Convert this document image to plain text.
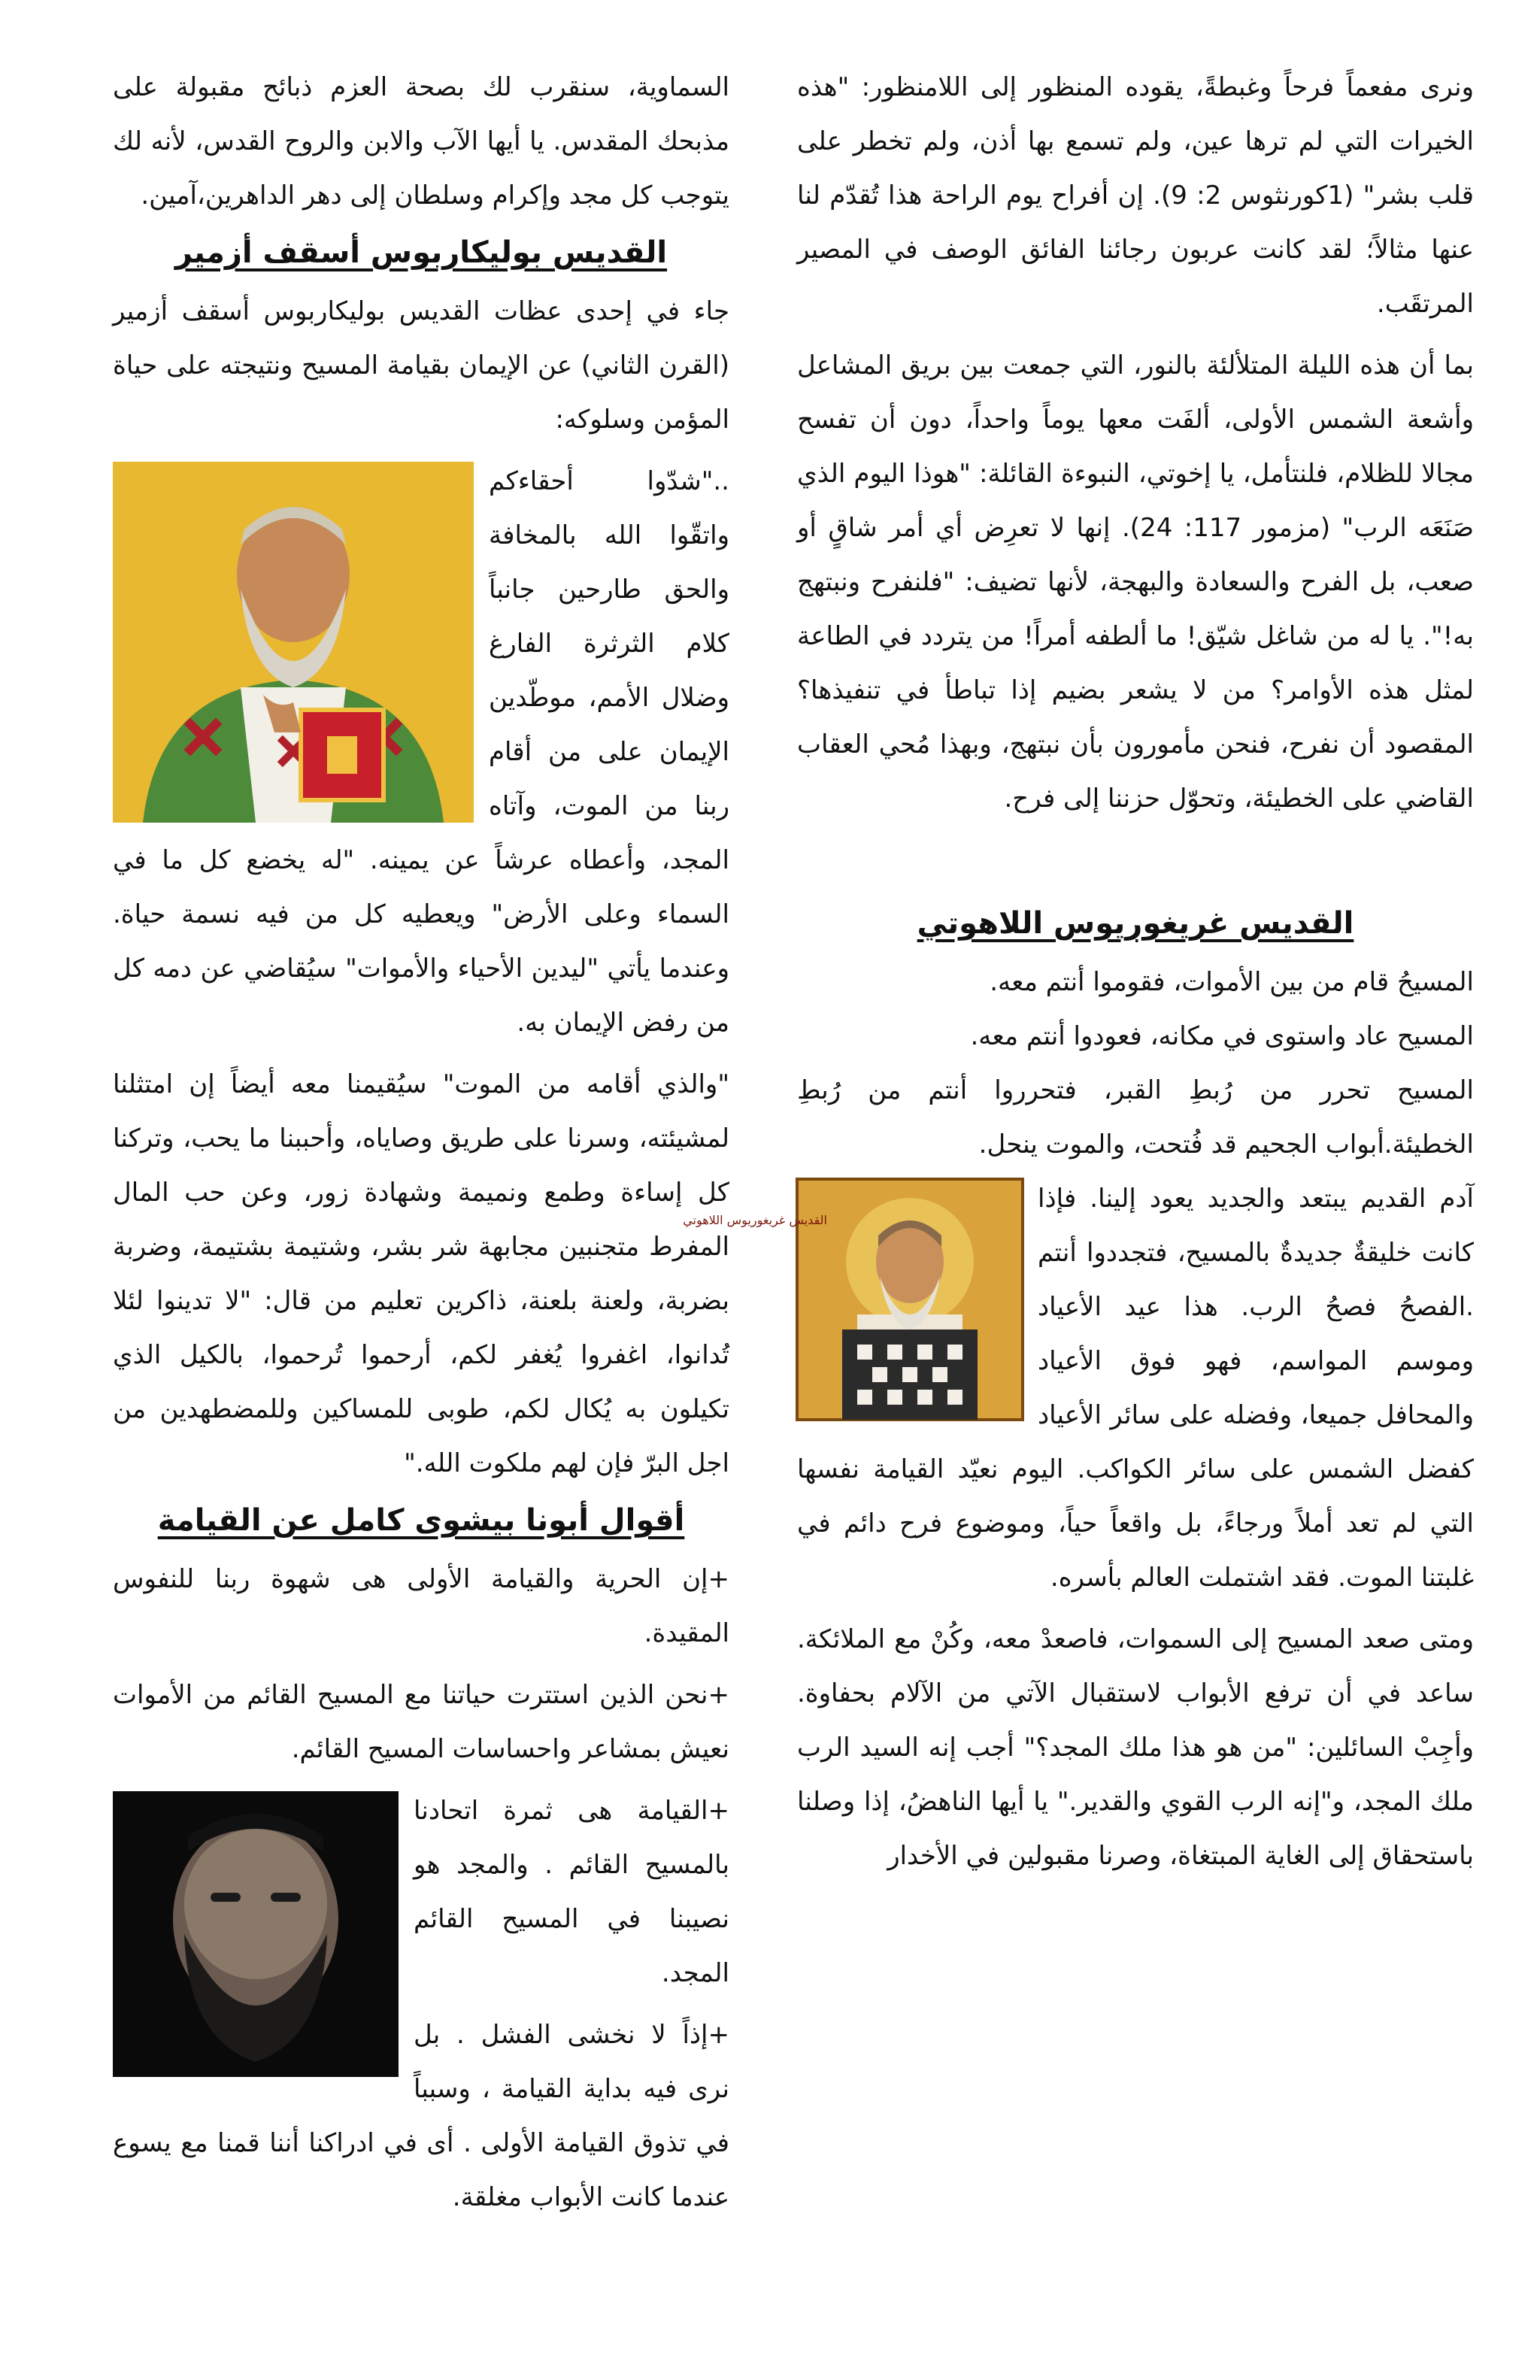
ونرى مفعماً فرحاً وغبطةً، يقوده المنظور إلى اللامنظور: "هذه الخيرات التي لم ترها عين، ولم تسمع بها أذن، ولم تخطر على قلب بشر" (1كورنثوس 2: 9). إن أفراح يوم الراحة هذا تُقدّم لنا عنها مثالاً؛ لقد كانت عربون رجائنا الفائق الوصف في المصير المرتقَب.

بما أن هذه الليلة المتلألئة بالنور، التي جمعت بين بريق المشاعل وأشعة الشمس الأولى، ألفَت معها يوماً واحداً، دون أن تفسح مجالا للظلام، فلنتأمل، يا إخوتي، النبوءة القائلة: "هوذا اليوم الذي صَنَعَه الرب" (مزمور 117: 24). إنها لا تعرِض أي أمر شاقٍ أو صعب، بل الفرح والسعادة والبهجة، لأنها تضيف: "فلنفرح ونبتهج به!". يا له من شاغل شيّق! ما ألطفه أمراً! من يتردد في الطاعة لمثل هذه الأوامر؟ من لا يشعر بضيم إذا تباطأ في تنفيذها؟ المقصود أن نفرح، فنحن مأمورون بأن نبتهج، وبهذا مُحي العقاب القاضي على الخطيئة، وتحوّل حزننا إلى فرح.

القديس غريغوريوس اللاهوتي

المسيحُ قام من بين الأموات، فقوموا أنتم معه.

المسيح عاد واستوى في مكانه، فعودوا أنتم معه.

المسيح تحرر من رُبطِ القبر، فتحرروا أنتم من رُبطِ الخطيئة.أبواب الجحيم قد فُتحت، والموت ينحل.

القديس غريغوريوس اللاهوتي

آدم القديم يبتعد والجديد يعود إلينا. فإذا كانت خليقةٌ جديدةٌ بالمسيح، فتجددوا أنتم .الفصحُ فصحُ الرب. هذا عيد الأعياد وموسم المواسم، فهو فوق الأعياد والمحافل جميعا، وفضله على سائر الأعياد كفضل الشمس على سائر الكواكب. اليوم نعيّد القيامة نفسها التي لم تعد أملاً ورجاءً، بل واقعاً حياً، وموضوع فرح دائم في غلبتنا الموت. فقد اشتملت العالم بأسره.

ومتى صعد المسيح إلى السموات، فاصعدْ معه، وكُنْ مع الملائكة. ساعد في أن ترفع الأبواب لاستقبال الآتي من الآلام بحفاوة. وأجِبْ السائلين: "من هو هذا ملك المجد؟" أجب إنه السيد الرب ملك المجد، و"إنه الرب القوي والقدير." يا أيها الناهضُ، إذا وصلنا باستحقاق إلى الغاية المبتغاة، وصرنا مقبولين في الأخدار

السماوية، سنقرب لك بصحة العزم ذبائح مقبولة على مذبحك المقدس. يا أيها الآب والابن والروح القدس، لأنه لك يتوجب كل مجد وإكرام وسلطان إلى دهر الداهرين،آمين.

القديس بوليكاربوس أسقف أزمير

جاء في إحدى عظات القديس بوليكاربوس أسقف أزمير (القرن الثاني) عن الإيمان بقيامة المسيح ونتيجته على حياة المؤمن وسلوكه:

.."شدّوا أحقاءكم واتقّوا الله بالمخافة والحق طارحين جانباً كلام الثرثرة الفارغ وضلال الأمم، موطّدين الإيمان على من أقام ربنا من الموت، وآتاه المجد، وأعطاه عرشاً عن يمينه. "له يخضع كل ما في السماء وعلى الأرض" ويعطيه كل من فيه نسمة حياة. وعندما يأتي "ليدين الأحياء والأموات" سيُقاضي عن دمه كل من رفض الإيمان به.

"والذي أقامه من الموت" سيُقيمنا معه أيضاً إن امتثلنا لمشيئته، وسرنا على طريق وصاياه، وأحببنا ما يحب، وتركنا كل إساءة وطمع ونميمة وشهادة زور، وعن حب المال المفرط متجنبين مجابهة شر بشر، وشتيمة بشتيمة، وضربة بضربة، ولعنة بلعنة، ذاكرين تعليم من قال: "لا تدينوا لئلا تُدانوا، اغفروا يُغفر لكم، أرحموا تُرحموا، بالكيل الذي تكيلون به يُكال لكم، طوبى للمساكين وللمضطهدين من اجل البرّ فإن لهم ملكوت الله."

أقوال أبونا بيشوى كامل عن القيامة

+إن الحرية والقيامة الأولى هى شهوة ربنا للنفوس المقيدة.

+نحن الذين استترت حياتنا مع المسيح القائم من الأموات نعيش بمشاعر واحساسات المسيح القائم.

+القيامة هى ثمرة اتحادنا بالمسيح القائم . والمجد هو نصيبنا في المسيح القائم المجد.

+إذاً لا نخشى الفشل . بل نرى فيه بداية القيامة ، وسبباً في تذوق القيامة الأولى . أى في ادراكنا أننا قمنا مع يسوع عندما كانت الأبواب مغلقة.
